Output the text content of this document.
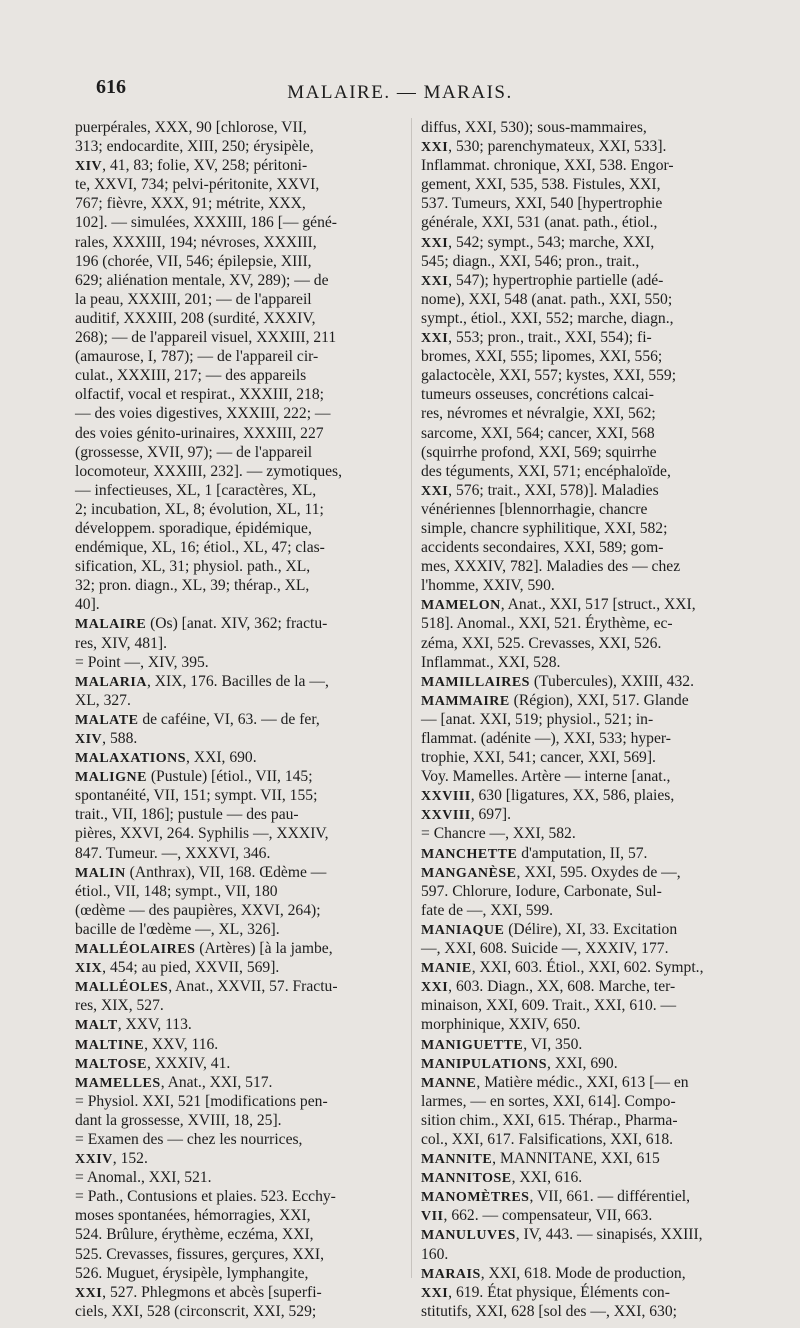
616	MALAIRE. — MARAIS.
puerpérales, XXX, 90 [chlorose, VII,
313; endocardite, XIII, 250; érysipèle,
XIV, 41, 83; folie, XV, 258; péritoni-
te, XXVI, 734; pelvi-péritonite, XXVI,
767; fièvre, XXX, 91; métrite, XXX,
102]. — simulées, XXXIII, 186 [— géné-
rales, XXXIII, 194; névroses, XXXIII,
196 (chorée, VII, 546; épilepsie, XIII,
629; aliénation mentale, XV, 289); — de
la peau, XXXIII, 201; — de l'appareil
auditif, XXXIII, 208 (surdité, XXXIV,
268); — de l'appareil visuel, XXXIII, 211
(amaurose, I, 787); — de l'appareil cir-
culat., XXXIII, 217; — des appareils
olfactif, vocal et respirat., XXXIII, 218;
— des voies digestives, XXXIII, 222; —
des voies génito-urinaires, XXXIII, 227
(grossesse, XVII, 97); — de l'appareil
locomoteur, XXXIII, 232]. — zymotiques,
— infectieuses, XL, 1 [caractères, XL,
2; incubation, XL, 8; évolution, XL, 11;
développem. sporadique, épidémique,
endémique, XL, 16; étiol., XL, 47; clas-
sification, XL, 31; physiol. path., XL,
32; pron. diagn., XL, 39; thérap., XL,
40].
MALAIRE (Os) [anat. XIV, 362; fractu-
res, XIV, 481].
= Point —, XIV, 395.
MALARIA, XIX, 176. Bacilles de la —,
XL, 327.
MALATE de caféine, VI, 63. — de fer,
XIV, 588.
MALAXATIONS, XXI, 690.
MALIGNE (Pustule) [étiol., VII, 145;
spontanéité, VII, 151; sympt. VII, 155;
trait., VII, 186]; pustule — des pau-
pières, XXVI, 264. Syphilis —, XXXIV,
847. Tumeur. —, XXXVI, 346.
MALIN (Anthrax), VII, 168. Œdème —
étiol., VII, 148; sympt., VII, 180
(œdème — des paupières, XXVI, 264);
bacille de l'œdème —, XL, 326].
MALLÉOLAIRES (Artères) [à la jambe,
XIX, 454; au pied, XXVII, 569].
MALLÉOLES, Anat., XXVII, 57. Fractu-
res, XIX, 527.
MALT, XXV, 113.
MALTINE, XXV, 116.
MALTOSE, XXXIV, 41.
MAMELLES, Anat., XXI, 517.
= Physiol. XXI, 521 [modifications pen-
dant la grossesse, XVIII, 18, 25].
= Examen des — chez les nourrices,
XXIV, 152.
= Anomal., XXI, 521.
= Path., Contusions et plaies. 523. Ecchy-
moses spontanées, hémorragies, XXI,
524. Brûlure, érythème, eczéma, XXI,
525. Crevasses, fissures, gerçures, XXI,
526. Muguet, érysipèle, lymphangite,
XXI, 527. Phlegmons et abcès [superfi-
ciels, XXI, 528 (circonscrit, XXI, 529;
diffus, XXI, 530); sous-mammaires,
XXI, 530; parenchymateux, XXI, 533].
Inflammat. chronique, XXI, 538. Engor-
gement, XXI, 535, 538. Fistules, XXI,
537. Tumeurs, XXI, 540 [hypertrophie
générale, XXI, 531 (anat. path., étiol.,
XXI, 542; sympt., 543; marche, XXI,
545; diagn., XXI, 546; pron., trait.,
XXI, 547); hypertrophie partielle (adé-
nome), XXI, 548 (anat. path., XXI, 550;
sympt., étiol., XXI, 552; marche, diagn.,
XXI, 553; pron., trait., XXI, 554); fi-
bromes, XXI, 555; lipomes, XXI, 556;
galactocèle, XXI, 557; kystes, XXI, 559;
tumeurs osseuses, concrétions calcai-
res, névromes et névralgie, XXI, 562;
sarcome, XXI, 564; cancer, XXI, 568
(squirrhe profond, XXI, 569; squirrhe
des téguments, XXI, 571; encéphaloïde,
XXI, 576; trait., XXI, 578)]. Maladies
vénériennes [blennorrhagie, chancre
simple, chancre syphilitique, XXI, 582;
accidents secondaires, XXI, 589; gom-
mes, XXXIV, 782]. Maladies des — chez
l'homme, XXIV, 590.
MAMELON, Anat., XXI, 517 [struct., XXI,
518]. Anomal., XXI, 521. Érythème, ec-
zéma, XXI, 525. Crevasses, XXI, 526.
Inflammat., XXI, 528.
MAMILLAIRES (Tubercules), XXIII, 432.
MAMMAIRE (Région), XXI, 517. Glande
— [anat. XXI, 519; physiol., 521; in-
flammat. (adénite —), XXI, 533; hyper-
trophie, XXI, 541; cancer, XXI, 569].
Voy. Mamelles. Artère — interne [anat.,
XXVIII, 630 [ligatures, XX, 586, plaies,
XXVIII, 697].
= Chancre —, XXI, 582.
MANCHETTE d'amputation, II, 57.
MANGANÈSE, XXI, 595. Oxydes de —,
597. Chlorure, Iodure, Carbonate, Sul-
fate de —, XXI, 599.
MANIAQUE (Délire), XI, 33. Excitation
—, XXI, 608. Suicide —, XXXIV, 177.
MANIE, XXI, 603. Étiol., XXI, 602. Sympt.,
XXI, 603. Diagn., XX, 608. Marche, ter-
minaison, XXI, 609. Trait., XXI, 610. —
morphinique, XXIV, 650.
MANIGUETTE, VI, 350.
MANIPULATIONS, XXI, 690.
MANNE, Matière médic., XXI, 613 [— en
larmes, — en sortes, XXI, 614]. Compo-
sition chim., XXI, 615. Thérap., Pharma-
col., XXI, 617. Falsifications, XXI, 618.
MANNITE, MANNITANE, XXI, 615
MANNITOSE, XXI, 616.
MANOMÈTRES, VII, 661. — différentiel,
VII, 662. — compensateur, VII, 663.
MANULUVES, IV, 443. — sinapisés, XXIII,
160.
MARAIS, XXI, 618. Mode de production,
XXI, 619. État physique, Éléments con-
stitutifs, XXI, 628 [sol des —, XXI, 630;
